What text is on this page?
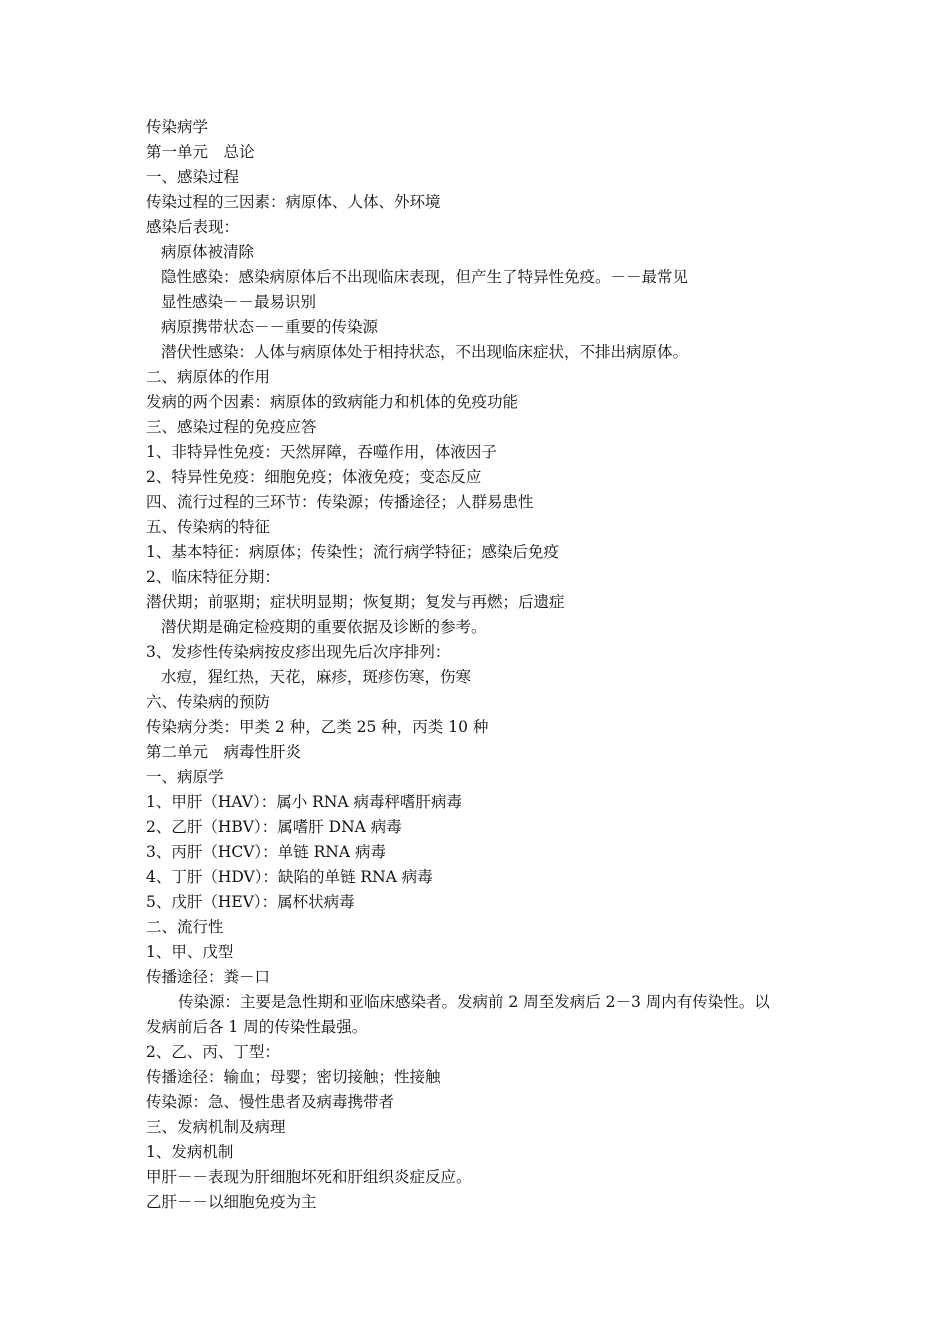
传染病学
第一单元　总论
一、感染过程
传染过程的三因素：病原体、人体、外环境
感染后表现：
病原体被清除
隐性感染：感染病原体后不出现临床表现，但产生了特异性免疫。－－最常见
显性感染－－最易识别
病原携带状态－－重要的传染源
潜伏性感染：人体与病原体处于相持状态，不出现临床症状，不排出病原体。
二、病原体的作用
发病的两个因素：病原体的致病能力和机体的免疫功能
三、感染过程的免疫应答
1、非特异性免疫：天然屏障，吞噬作用，体液因子
2、特异性免疫：细胞免疫；体液免疫；变态反应
四、流行过程的三环节：传染源；传播途径；人群易患性
五、传染病的特征
1、基本特征：病原体；传染性；流行病学特征；感染后免疫
2、临床特征分期：
潜伏期；前驱期；症状明显期；恢复期；复发与再燃；后遗症
潜伏期是确定检疫期的重要依据及诊断的参考。
3、发疹性传染病按皮疹出现先后次序排列：
水痘，猩红热，天花，麻疹，斑疹伤寒，伤寒
六、传染病的预防
传染病分类：甲类 2 种，乙类 25 种，丙类 10 种
第二单元　病毒性肝炎
一、病原学
1、甲肝（HAV）：属小 RNA 病毒秤嗜肝病毒
2、乙肝（HBV）：属嗜肝 DNA 病毒
3、丙肝（HCV）：单链 RNA 病毒
4、丁肝（HDV）：缺陷的单链 RNA 病毒
5、戊肝（HEV）：属杯状病毒
二、流行性
1、甲、戊型
传播途径：粪－口
传染源：主要是急性期和亚临床感染者。发病前 2 周至发病后 2－3 周内有传染性。以
发病前后各 1 周的传染性最强。
2、乙、丙、丁型：
传播途径：输血；母婴；密切接触；性接触
传染源：急、慢性患者及病毒携带者
三、发病机制及病理
1、发病机制
甲肝－－表现为肝细胞坏死和肝组织炎症反应。
乙肝－－以细胞免疫为主
